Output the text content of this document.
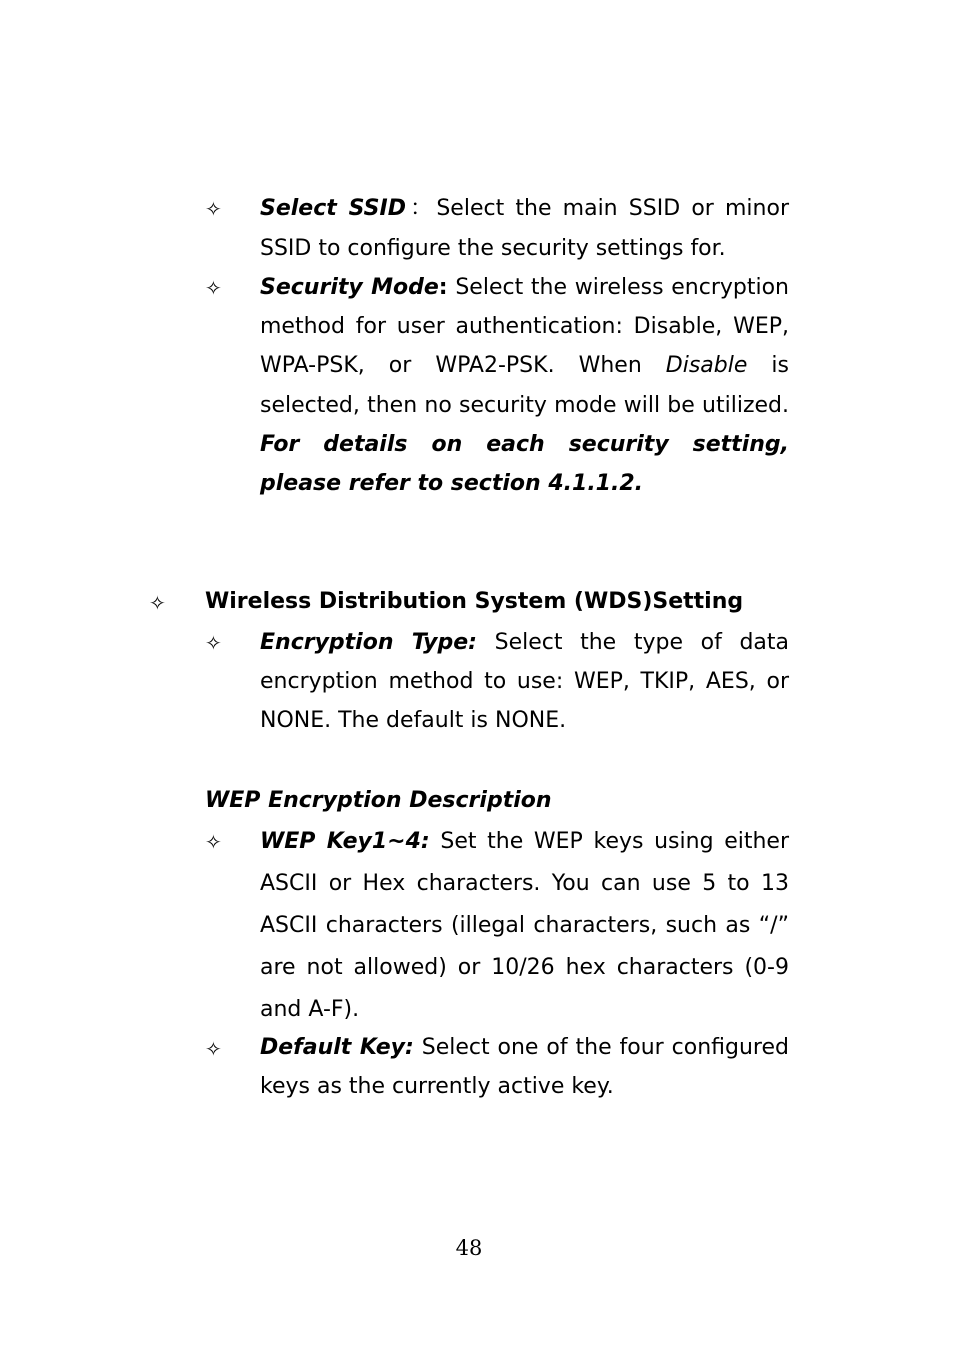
✧ Select SSID：Select the main SSID or minor SSID to configure the security settings for.

✧ Security Mode: Select the wireless encryption method for user authentication: Disable, WEP, WPA-PSK, or WPA2-PSK. When Disable is selected, then no security mode will be utilized. For details on each security setting, please refer to section 4.1.1.2.

✧ Wireless Distribution System (WDS)Setting
✧ Encryption Type: Select the type of data encryption method to use: WEP, TKIP, AES, or NONE. The default is NONE.

WEP Encryption Description
✧ WEP Key1~4: Set the WEP keys using either ASCII or Hex characters. You can use 5 to 13 ASCII characters (illegal characters, such as “/” are not allowed) or 10/26 hex characters (0-9 and A-F).

✧ Default Key: Select one of the four configured keys as the currently active key.

48
